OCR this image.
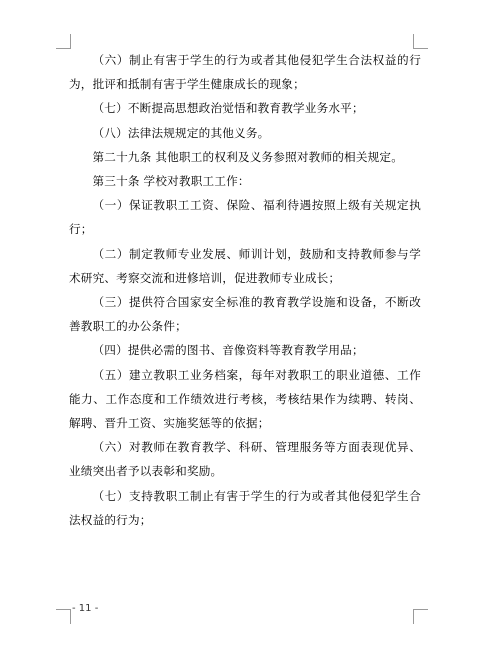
（六）制止有害于学生的行为或者其他侵犯学生合法权益的行为，批评和抵制有害于学生健康成长的现象；

（七）不断提高思想政治觉悟和教育教学业务水平；

（八）法律法规规定的其他义务。

第二十九条 其他职工的权利及义务参照对教师的相关规定。

第三十条 学校对教职工工作：

（一）保证教职工工资、保险、福利待遇按照上级有关规定执行；

（二）制定教师专业发展、师训计划，鼓励和支持教师参与学术研究、考察交流和进修培训，促进教师专业成长；

（三）提供符合国家安全标准的教育教学设施和设备，不断改善教职工的办公条件；

（四）提供必需的图书、音像资料等教育教学用品；

（五）建立教职工业务档案，每年对教职工的职业道德、工作能力、工作态度和工作绩效进行考核，考核结果作为续聘、转岗、解聘、晋升工资、实施奖惩等的依据；

（六）对教师在教育教学、科研、管理服务等方面表现优异、业绩突出者予以表彰和奖励。

（七）支持教职工制止有害于学生的行为或者其他侵犯学生合法权益的行为；

- 11 -
